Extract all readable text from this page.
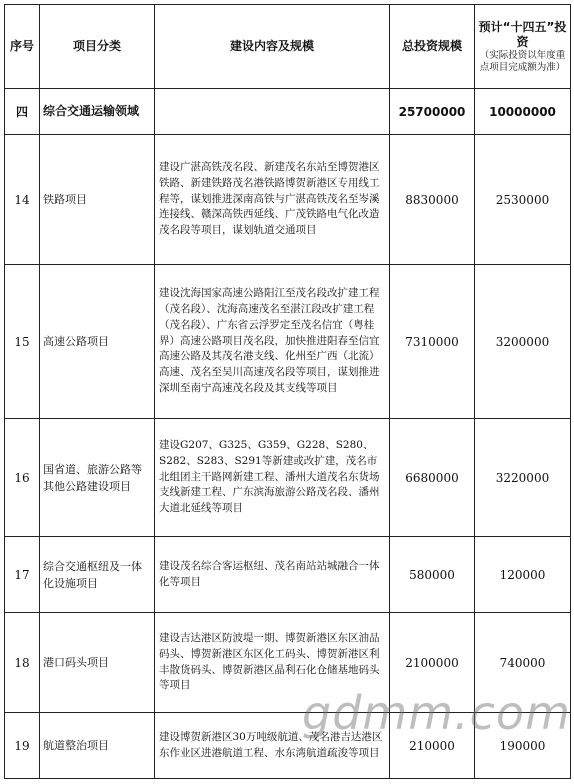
序号	项目分类	建设内容及规模	总投资规模	预计“十四五”投资
（实际投资以年度重点项目完成额为准）

四	综合交通运输领域		25700000	10000000
14	铁路项目	建设广湛高铁茂名段、新建茂名东站至博贺港区铁路、新建铁路茂名港铁路博贺新港区专用线工程等，谋划推进深南高铁与广湛高铁茂名至岑溪连接线、赣深高铁西延线、广茂铁路电气化改造茂名段等项目，谋划轨道交通项目	8830000	2530000
15	高速公路项目	建设沈海国家高速公路阳江至茂名段改扩建工程（茂名段）、沈海高速茂名至湛江段改扩建工程（茂名段）、广东省云浮罗定至茂名信宜（粤桂界）高速公路项目茂名段，加快推进阳春至信宜高速公路及其茂名港支线、化州至广西（北流）高速、茂名至吴川高速茂名段等项目，谋划推进深圳至南宁高速茂名段及其支线等项目	7310000	3200000
16	国省道、旅游公路等其他公路建设项目	建设G207、G325、G359、G228、S280、S282、S283、S291等新建或改扩建，茂名市北组团主干路网新建工程、潘州大道茂名东货场支线新建工程、广东滨海旅游公路茂名段、潘州大道北延线等项目	6680000	3220000
17	综合交通枢纽及一体化设施项目	建设茂名综合客运枢纽、茂名南站站城融合一体化等项目	580000	120000
18	港口码头项目	建设吉达港区防波堤一期、博贺新港区东区油品码头、博贺新港区东区化工码头、博贺新港区利丰散货码头、博贺新港区晶利石化仓储基地码头等项目	2100000	740000
19	航道整治项目	建设博贺新港区30万吨级航道、茂名港吉达港区东作业区进港航道工程、水东湾航道疏浚等项目	210000	190000
gdmm.com
